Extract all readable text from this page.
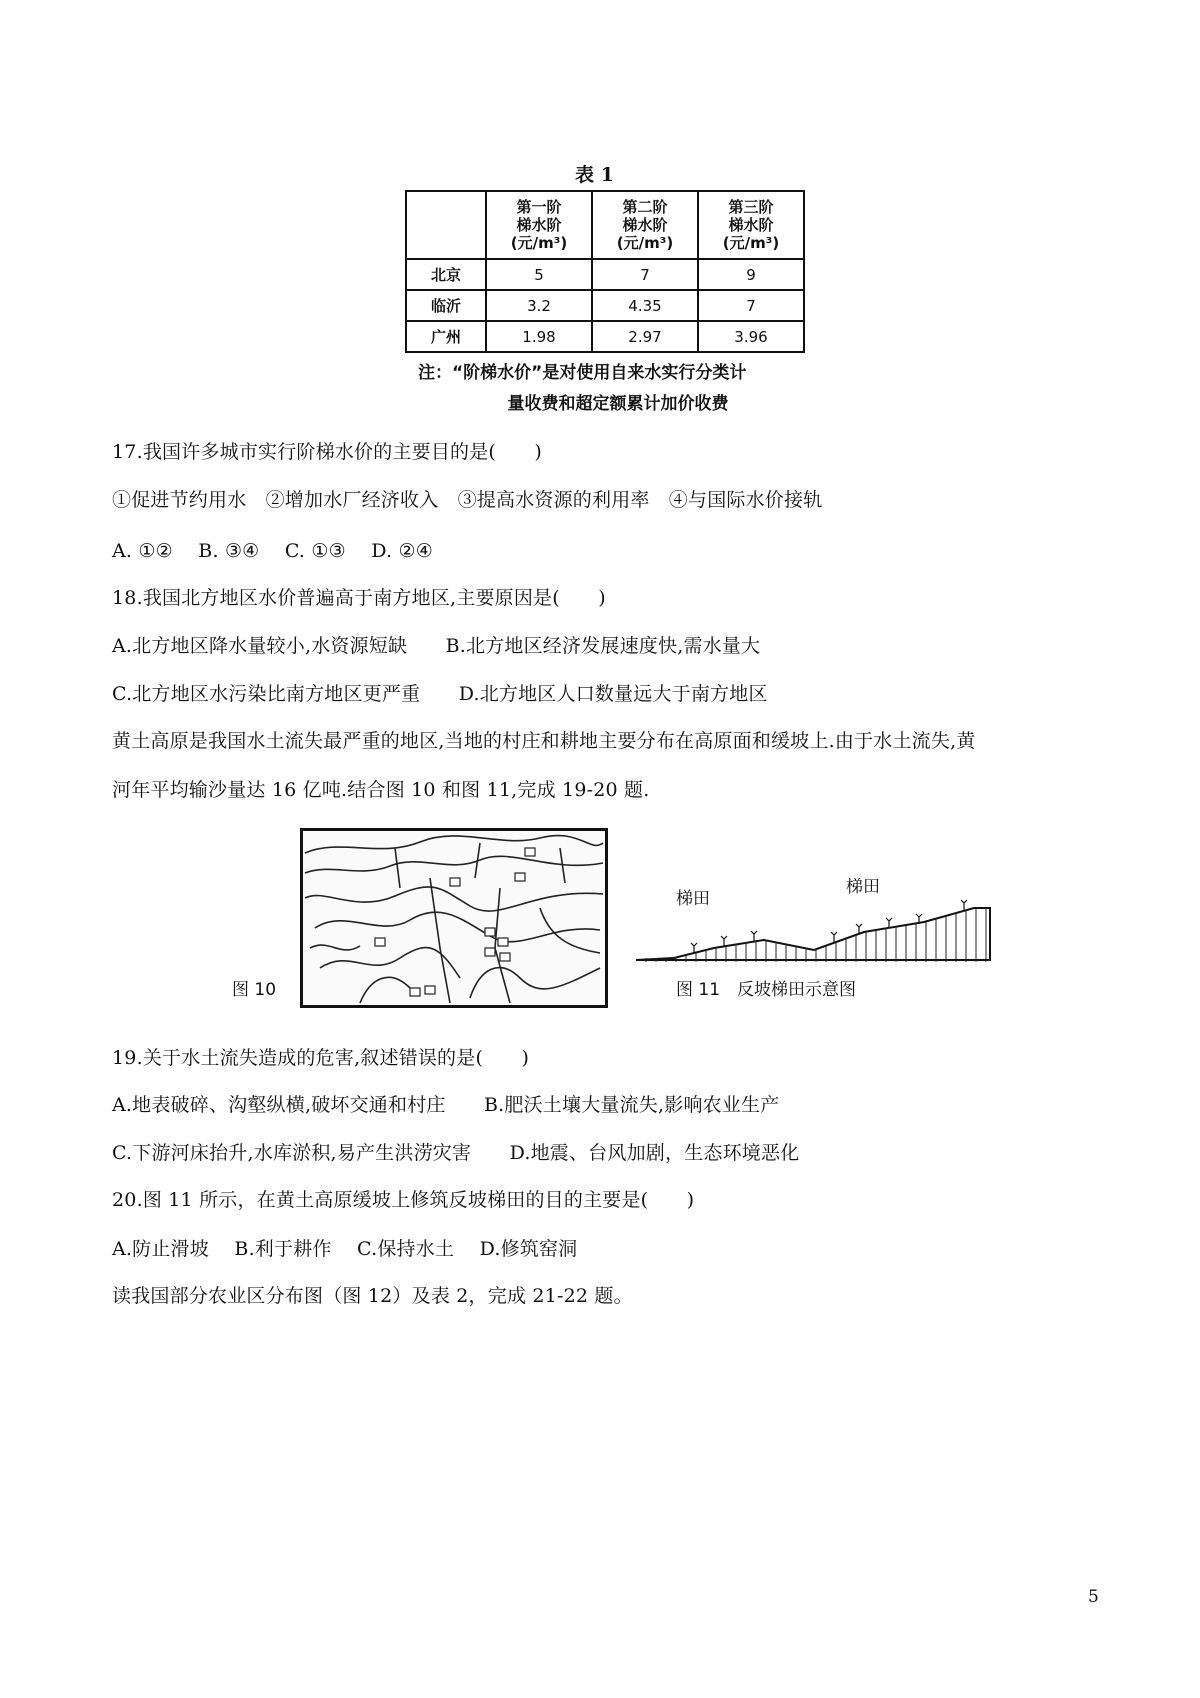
表 1
	第一阶
梯水阶
(元/m³)	第二阶
梯水阶
(元/m³)	第三阶
梯水阶
(元/m³)
北京	5	7	9
临沂	3.2	4.35	7
广州	1.98	2.97	3.96
注：“阶梯水价”是对使用自来水实行分类计
量收费和超定额累计加价收费
17.我国许多城市实行阶梯水价的主要目的是(　　)
①促进节约用水　②增加水厂经济收入　③提高水资源的利用率　④与国际水价接轨
A. ①②　 B. ③④　 C. ①③　 D. ②④
18.我国北方地区水价普遍高于南方地区,主要原因是(　　)
A.北方地区降水量较小,水资源短缺　　B.北方地区经济发展速度快,需水量大
C.北方地区水污染比南方地区更严重　　D.北方地区人口数量远大于南方地区
黄土高原是我国水土流失最严重的地区,当地的村庄和耕地主要分布在高原面和缓坡上.由于水土流失,黄
河年平均输沙量达 16 亿吨.结合图 10 和图 11,完成 19-20 题.
图 10
梯田
梯田
图 11　反坡梯田示意图
19.关于水土流失造成的危害,叙述错误的是(　　)
A.地表破碎、沟壑纵横,破坏交通和村庄　　B.肥沃土壤大量流失,影响农业生产
C.下游河床抬升,水库淤积,易产生洪涝灾害　　D.地震、台风加剧，生态环境恶化
20.图 11 所示，在黄土高原缓坡上修筑反坡梯田的目的主要是(　　)
A.防止滑坡　 B.利于耕作　 C.保持水土　 D.修筑窑洞
读我国部分农业区分布图（图 12）及表 2，完成 21-22 题。
5
